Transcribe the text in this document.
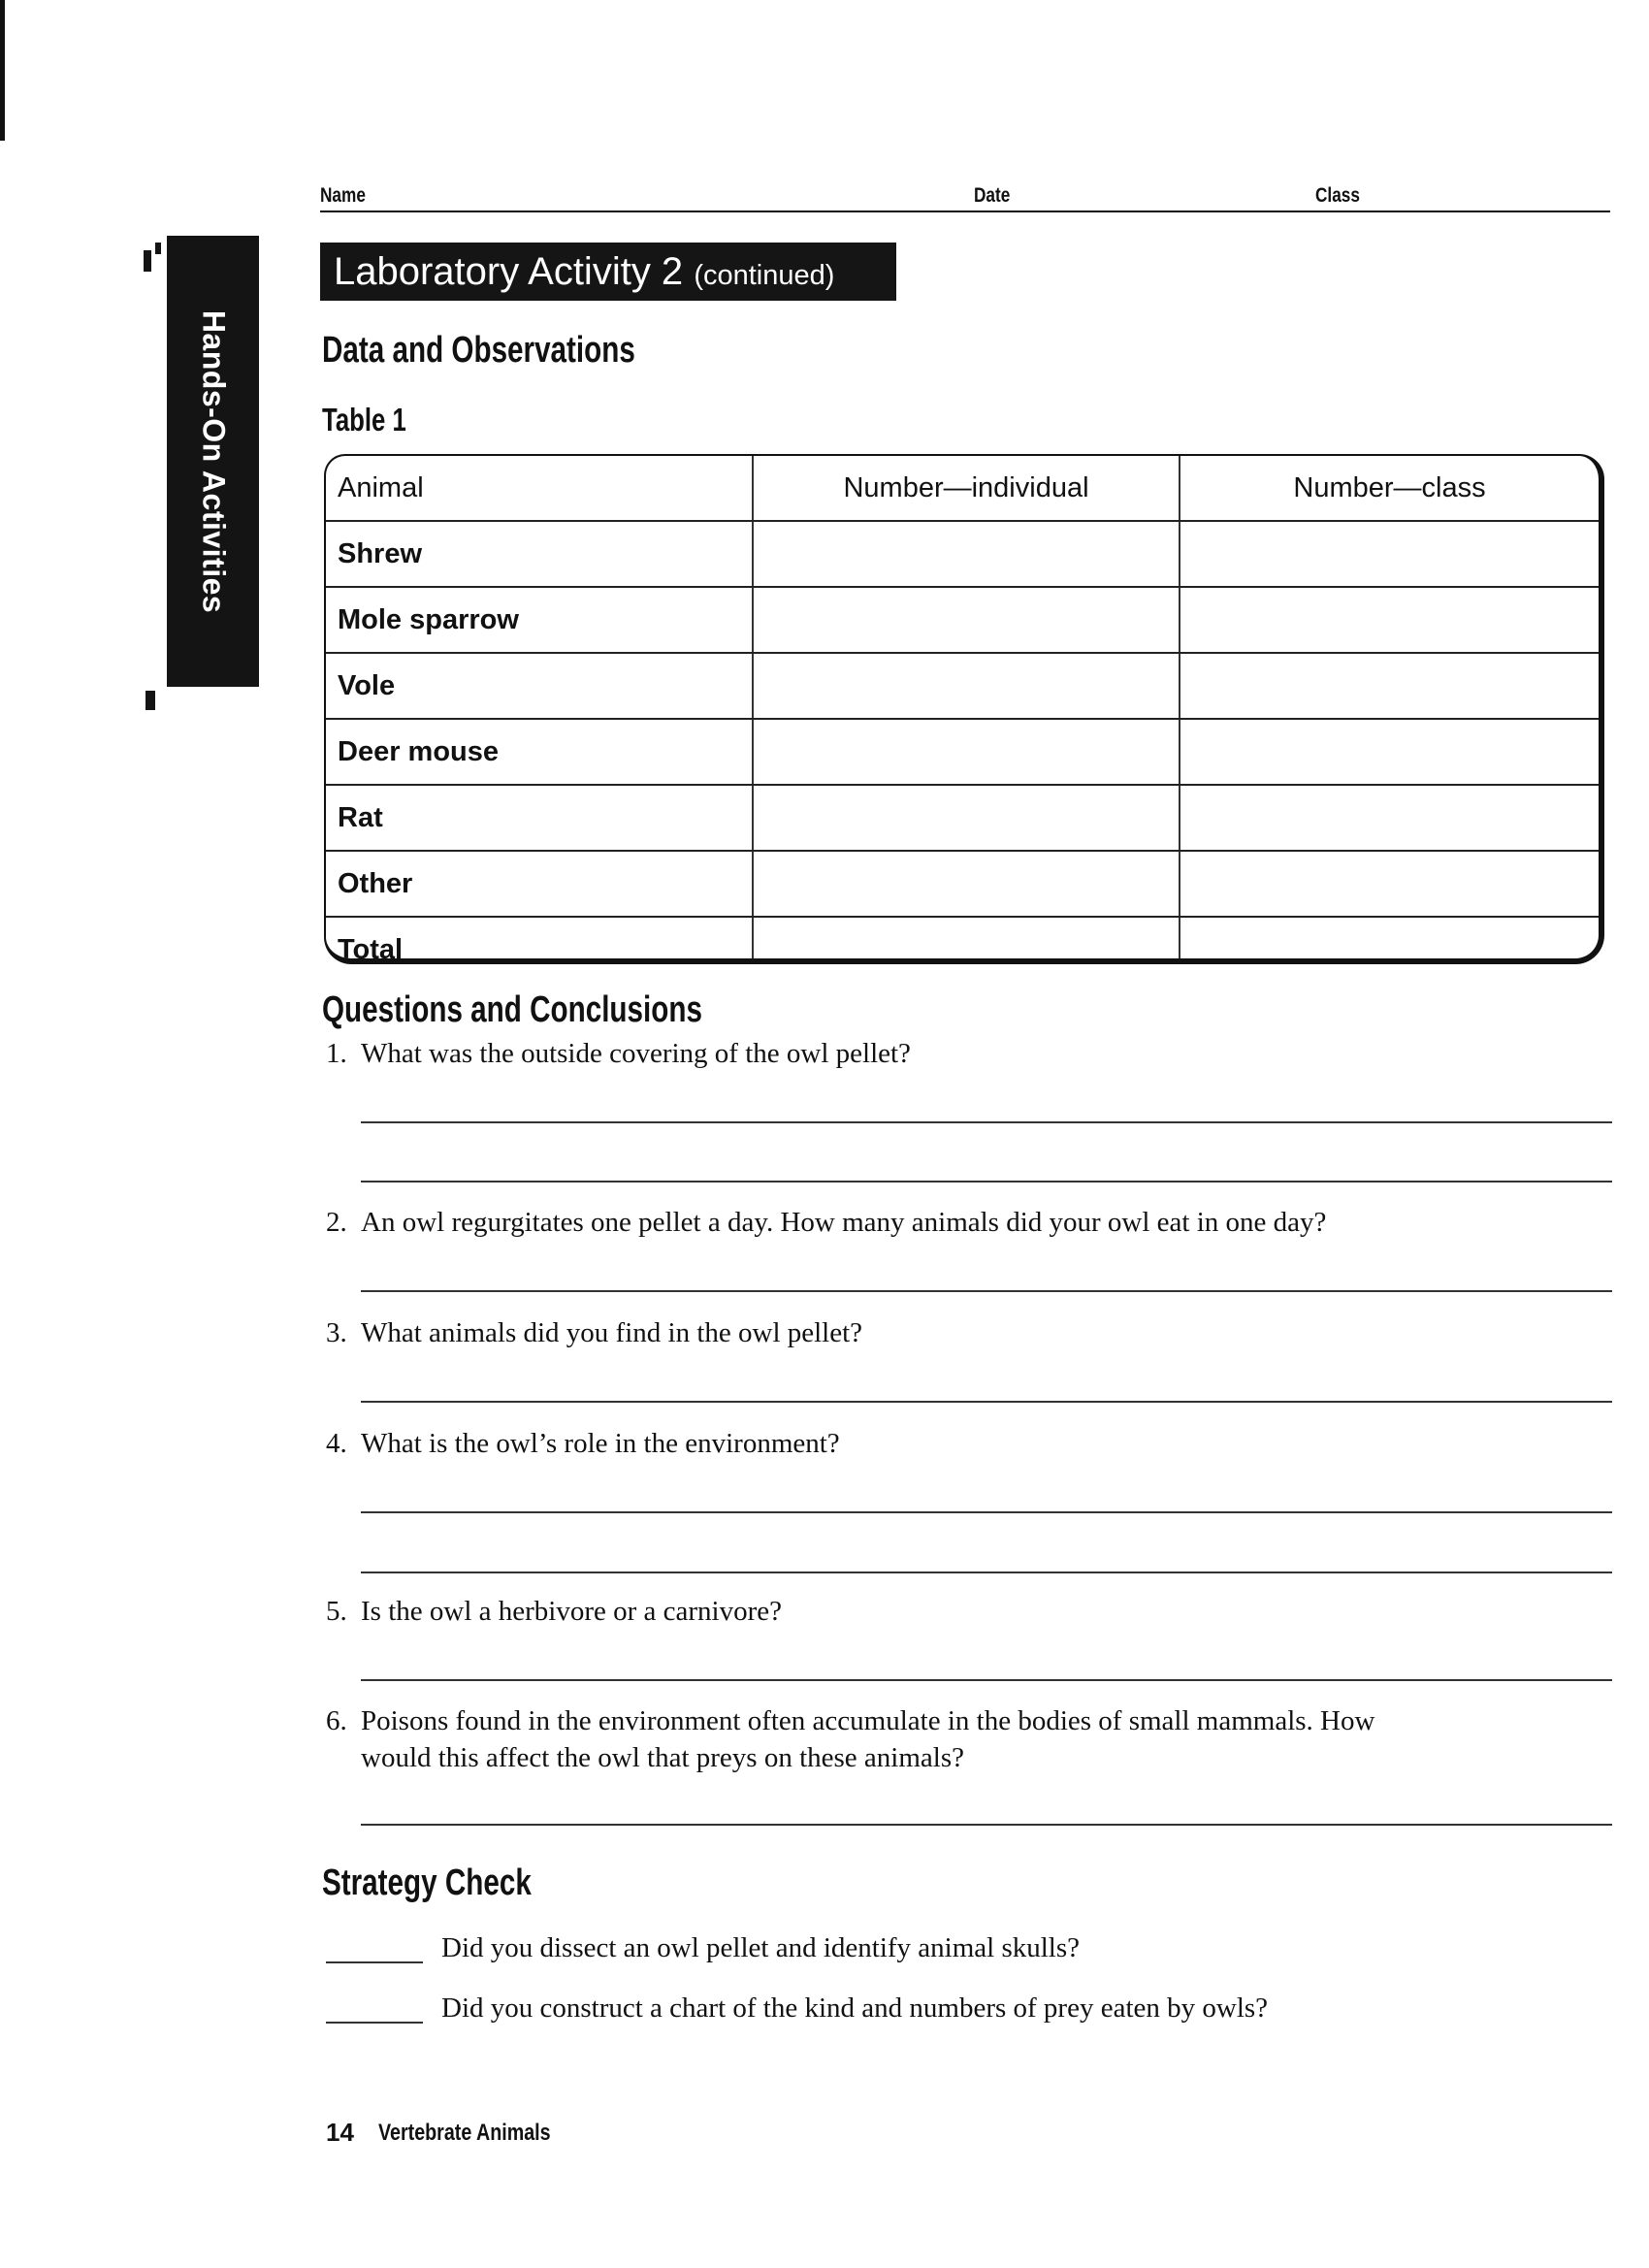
Hands-On Activities
Name	Date	Class
Laboratory Activity 2 (continued)
Data and Observations
Table 1
Animal	Number—individual	Number—class
Shrew		
Mole sparrow		
Vole		
Deer mouse		
Rat		
Other		
Total		
Questions and Conclusions
1. What was the outside covering of the owl pellet?
2. An owl regurgitates one pellet a day. How many animals did your owl eat in one day?
3. What animals did you find in the owl pellet?
4. What is the owl’s role in the environment?
5. Is the owl a herbivore or a carnivore?
6. Poisons found in the environment often accumulate in the bodies of small mammals. How
would this affect the owl that preys on these animals?
Strategy Check
Did you dissect an owl pellet and identify animal skulls?
Did you construct a chart of the kind and numbers of prey eaten by owls?
14 Vertebrate Animals
